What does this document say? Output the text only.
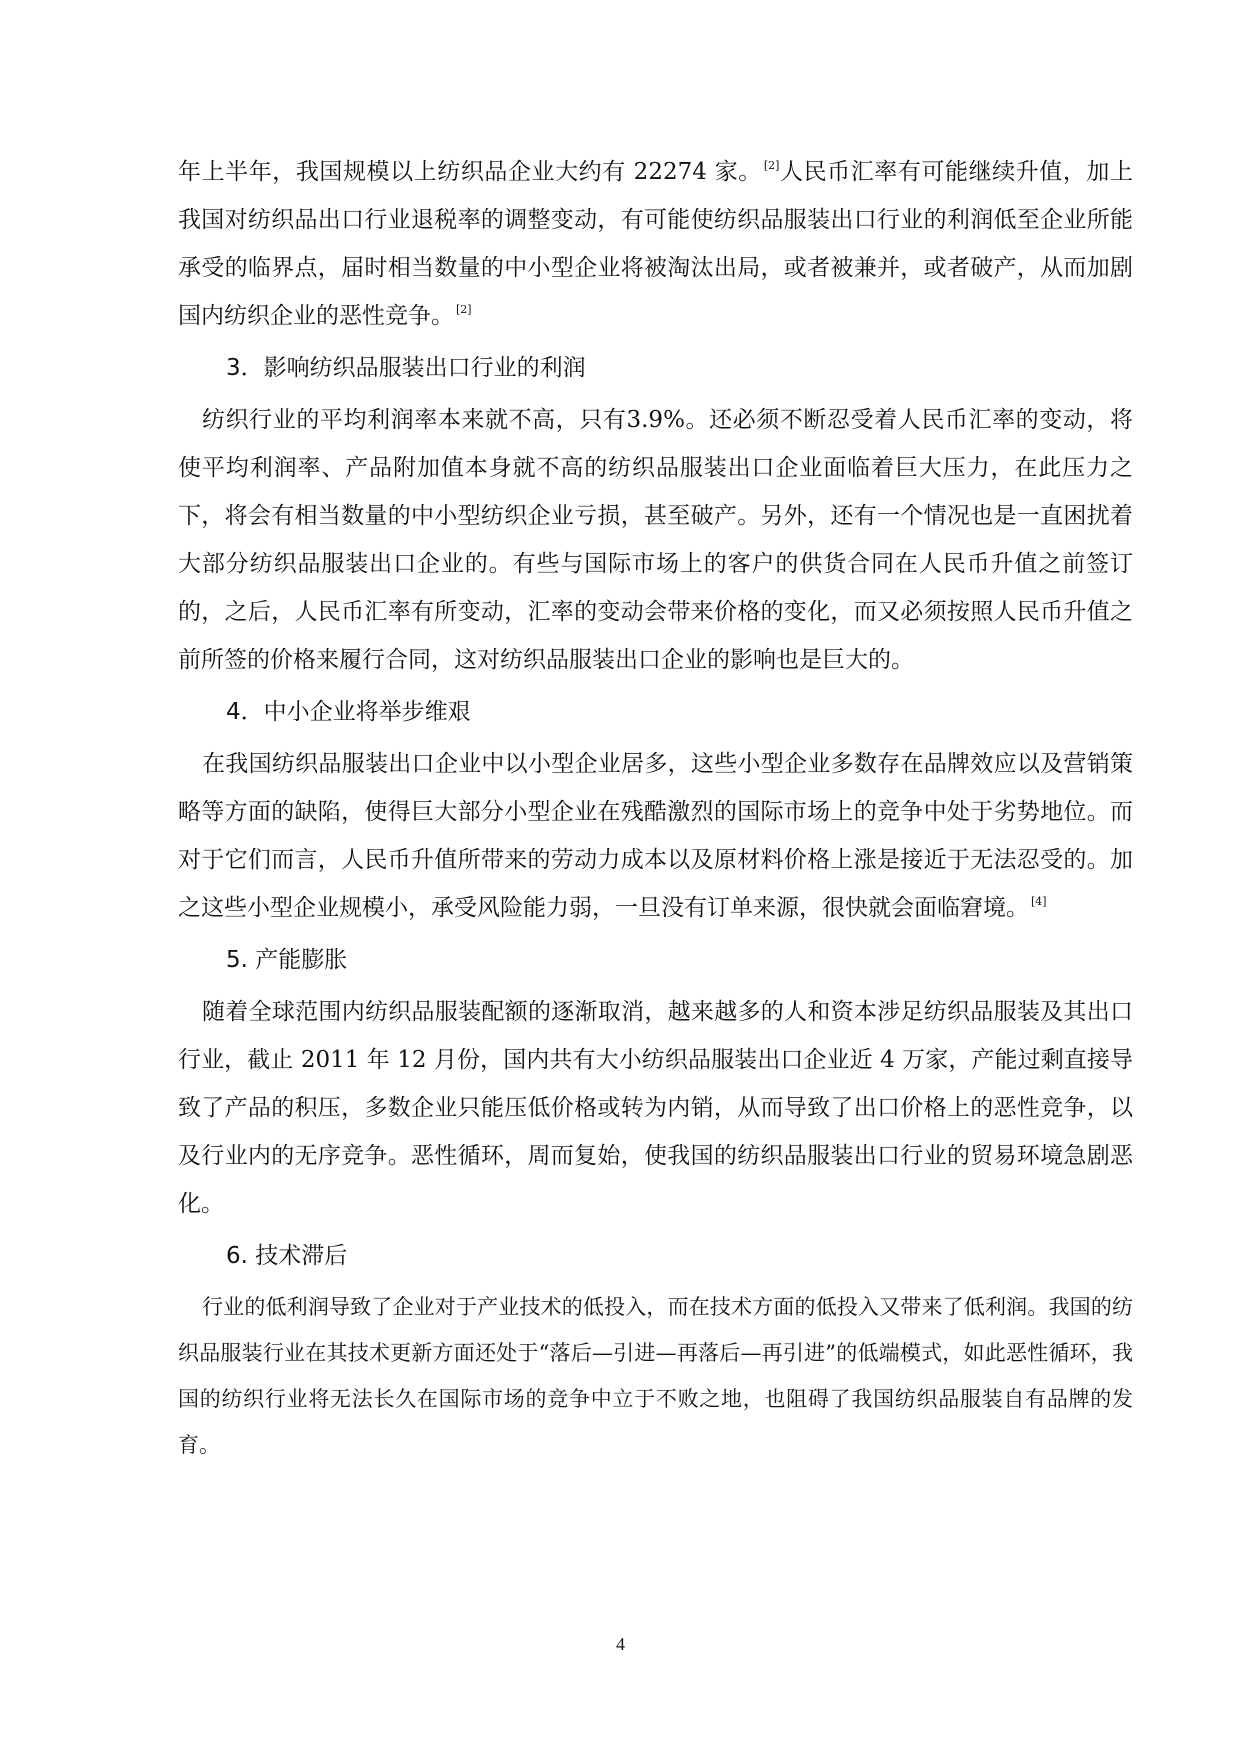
年上半年，我国规模以上纺织品企业大约有 22274 家。 [2]人民币汇率有可能继续升值，加上我国对纺织品出口行业退税率的调整变动，有可能使纺织品服装出口行业的利润低至企业所能承受的临界点，届时相当数量的中小型企业将被淘汰出局，或者被兼并，或者破产，从而加剧国内纺织企业的恶性竞争。 [2]

3．影响纺织品服装出口行业的利润

纺织行业的平均利润率本来就不高，只有3.9%。还必须不断忍受着人民币汇率的变动，将使平均利润率、产品附加值本身就不高的纺织品服装出口企业面临着巨大压力，在此压力之下，将会有相当数量的中小型纺织企业亏损，甚至破产。另外，还有一个情况也是一直困扰着大部分纺织品服装出口企业的。有些与国际市场上的客户的供货合同在人民币升值之前签订的，之后，人民币汇率有所变动，汇率的变动会带来价格的变化，而又必须按照人民币升值之前所签的价格来履行合同，这对纺织品服装出口企业的影响也是巨大的。

4．中小企业将举步维艰

在我国纺织品服装出口企业中以小型企业居多，这些小型企业多数存在品牌效应以及营销策略等方面的缺陷，使得巨大部分小型企业在残酷激烈的国际市场上的竞争中处于劣势地位。而对于它们而言，人民币升值所带来的劳动力成本以及原材料价格上涨是接近于无法忍受的。加之这些小型企业规模小，承受风险能力弱，一旦没有订单来源，很快就会面临窘境。 [4]

5. 产能膨胀

随着全球范围内纺织品服装配额的逐渐取消，越来越多的人和资本涉足纺织品服装及其出口行业，截止 2011 年 12 月份，国内共有大小纺织品服装出口企业近 4 万家，产能过剩直接导致了产品的积压，多数企业只能压低价格或转为内销，从而导致了出口价格上的恶性竞争，以及行业内的无序竞争。恶性循环，周而复始，使我国的纺织品服装出口行业的贸易环境急剧恶化。

6. 技术滞后

行业的低利润导致了企业对于产业技术的低投入，而在技术方面的低投入又带来了低利润。我国的纺织品服装行业在其技术更新方面还处于“落后—引进—再落后—再引进”的低端模式，如此恶性循环，我国的纺织行业将无法长久在国际市场的竞争中立于不败之地，也阻碍了我国纺织品服装自有品牌的发育。

4
